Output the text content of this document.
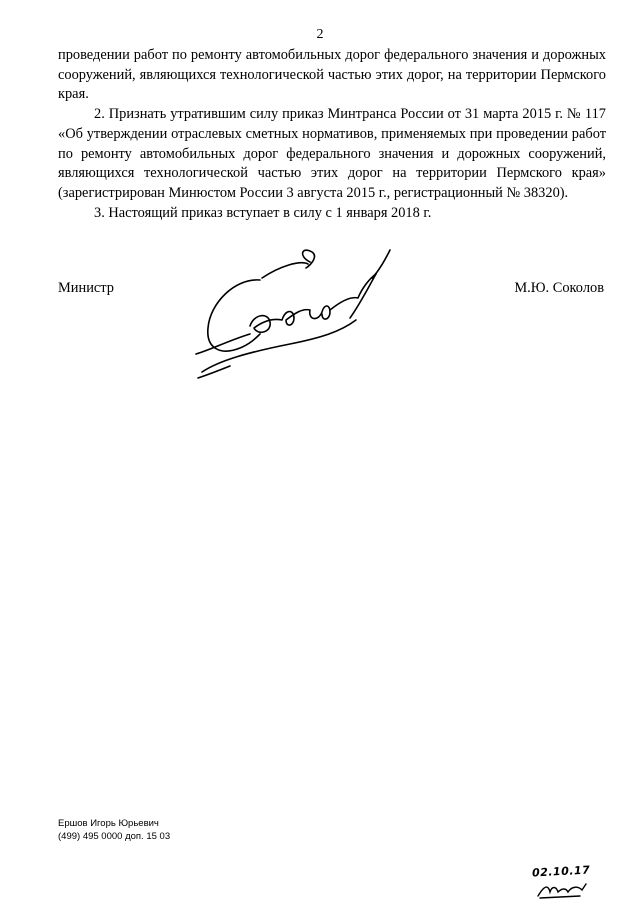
2

проведении работ по ремонту автомобильных дорог федерального значения и дорожных сооружений, являющихся технологической частью этих дорог, на территории Пермского края.

2. Признать утратившим силу приказ Минтранса России от 31 марта 2015 г. № 117 «Об утверждении отраслевых сметных нормативов, применяемых при проведении работ по ремонту автомобильных дорог федерального значения и дорожных сооружений, являющихся технологической частью этих дорог на территории Пермского края» (зарегистрирован Минюстом России 3 августа 2015 г., регистрационный № 38320).

3. Настоящий приказ вступает в силу с 1 января 2018 г.

Министр	М.Ю. Соколов
Ершов Игорь Юрьевич
(499) 495 0000 доп. 15 03
02.10.17
